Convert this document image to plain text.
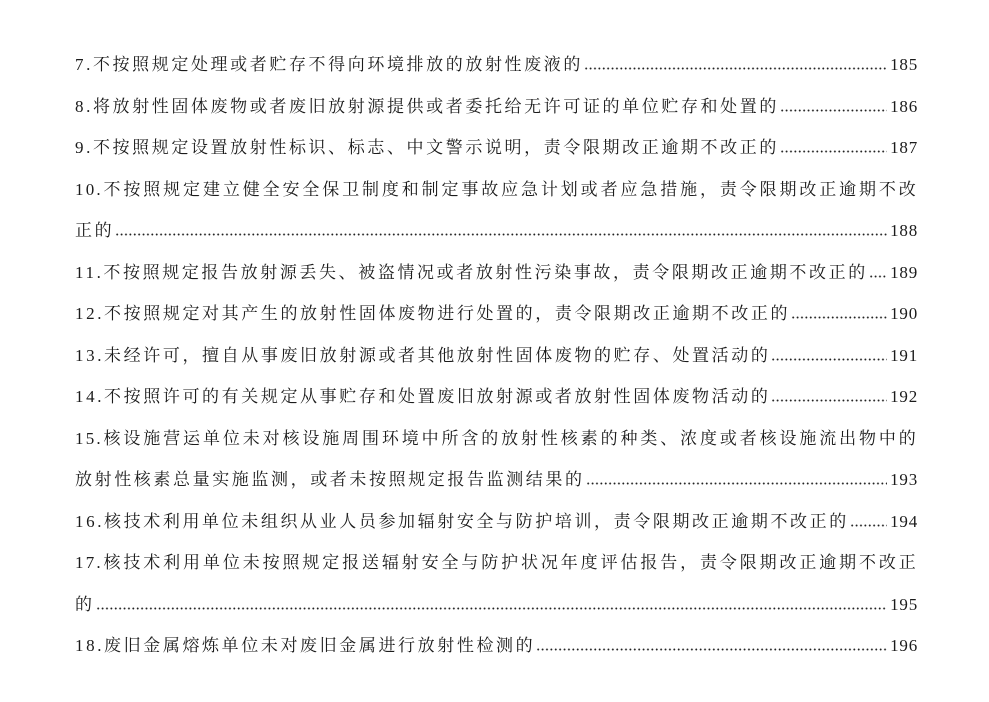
7.不按照规定处理或者贮存不得向环境排放的放射性废液的	185
8.将放射性固体废物或者废旧放射源提供或者委托给无许可证的单位贮存和处置的	186
9.不按照规定设置放射性标识、标志、中文警示说明，责令限期改正逾期不改正的	187
10.不按照规定建立健全安全保卫制度和制定事故应急计划或者应急措施，责令限期改正逾期不改
正的	188
11.不按照规定报告放射源丢失、被盗情况或者放射性污染事故，责令限期改正逾期不改正的 189
12.不按照规定对其产生的放射性固体废物进行处置的，责令限期改正逾期不改正的	190
13.未经许可，擅自从事废旧放射源或者其他放射性固体废物的贮存、处置活动的	191
14.不按照许可的有关规定从事贮存和处置废旧放射源或者放射性固体废物活动的	192
15.核设施营运单位未对核设施周围环境中所含的放射性核素的种类、浓度或者核设施流出物中的
放射性核素总量实施监测，或者未按照规定报告监测结果的	193
16.核技术利用单位未组织从业人员参加辐射安全与防护培训，责令限期改正逾期不改正的 194
17.核技术利用单位未按照规定报送辐射安全与防护状况年度评估报告，责令限期改正逾期不改正
的	195
18.废旧金属熔炼单位未对废旧金属进行放射性检测的	196
